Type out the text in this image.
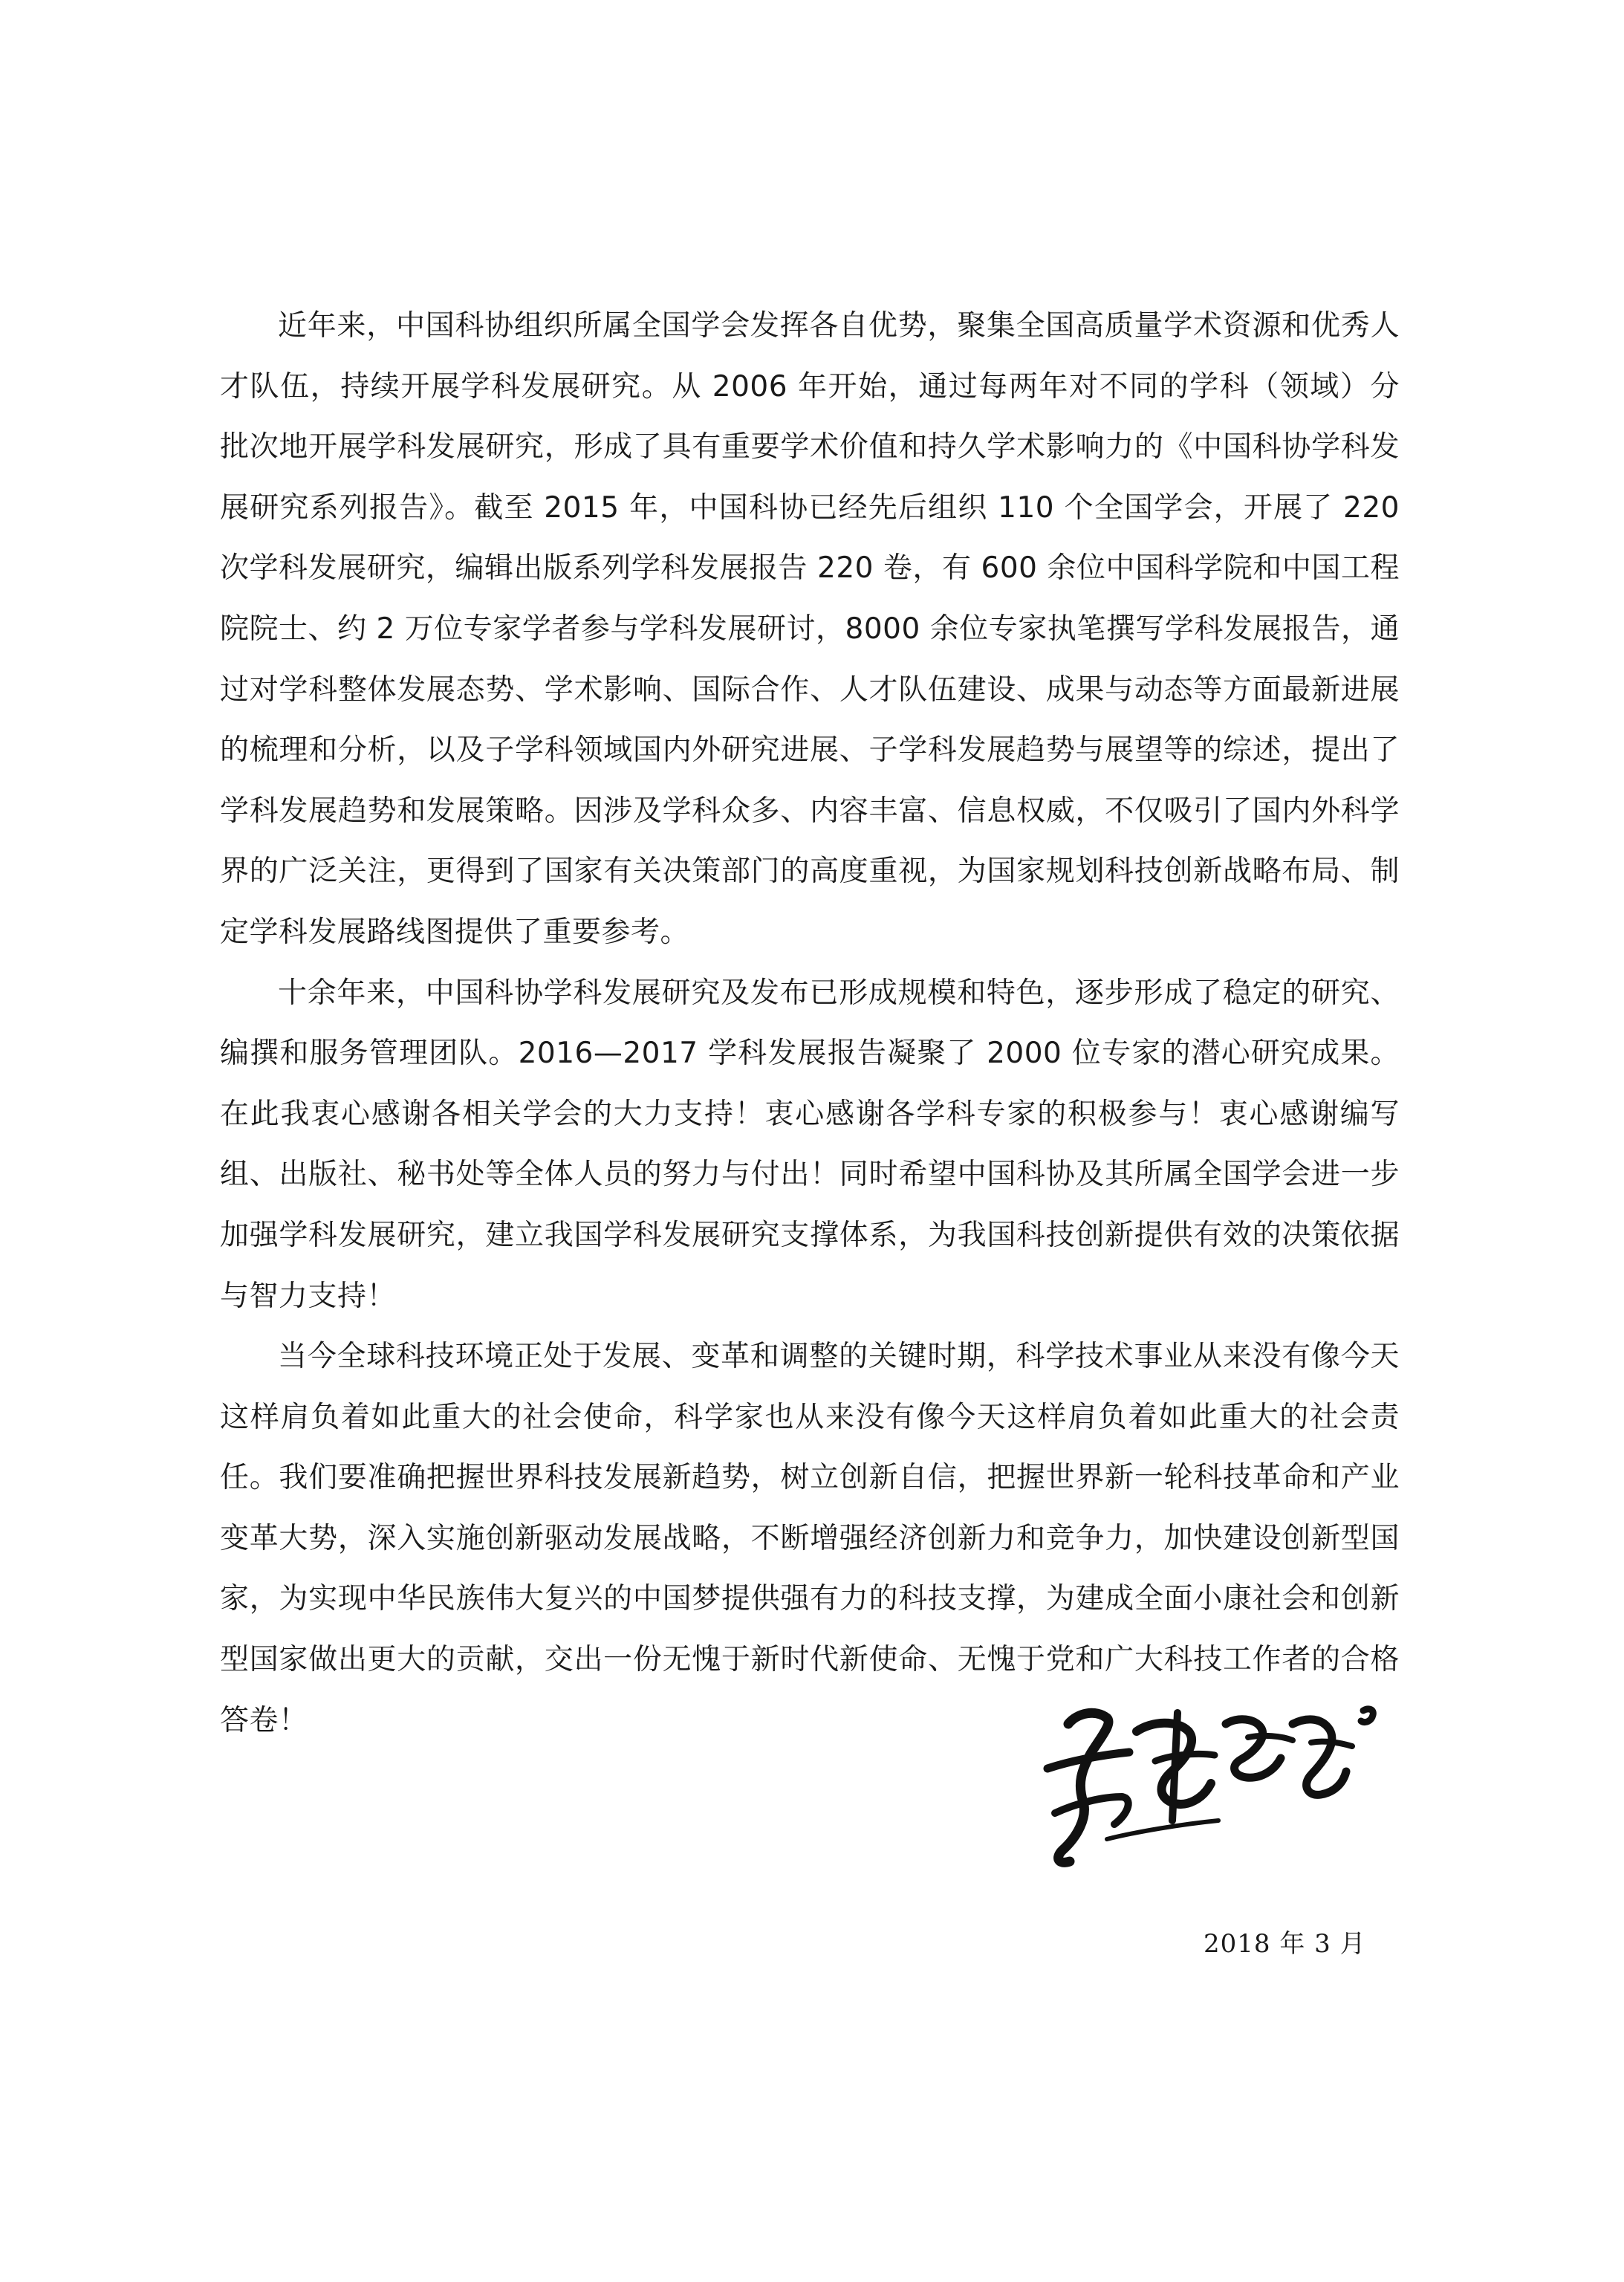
近年来，中国科协组织所属全国学会发挥各自优势，聚集全国高质量学术资源和优秀人才队伍，持续开展学科发展研究。从 2006 年开始，通过每两年对不同的学科（领域）分批次地开展学科发展研究，形成了具有重要学术价值和持久学术影响力的《中国科协学科发展研究系列报告》。截至 2015 年，中国科协已经先后组织 110 个全国学会，开展了 220 次学科发展研究，编辑出版系列学科发展报告 220 卷，有 600 余位中国科学院和中国工程院院士、约 2 万位专家学者参与学科发展研讨，8000 余位专家执笔撰写学科发展报告，通过对学科整体发展态势、学术影响、国际合作、人才队伍建设、成果与动态等方面最新进展的梳理和分析，以及子学科领域国内外研究进展、子学科发展趋势与展望等的综述，提出了学科发展趋势和发展策略。因涉及学科众多、内容丰富、信息权威，不仅吸引了国内外科学界的广泛关注，更得到了国家有关决策部门的高度重视，为国家规划科技创新战略布局、制定学科发展路线图提供了重要参考。

十余年来，中国科协学科发展研究及发布已形成规模和特色，逐步形成了稳定的研究、编撰和服务管理团队。2016—2017 学科发展报告凝聚了 2000 位专家的潜心研究成果。在此我衷心感谢各相关学会的大力支持！衷心感谢各学科专家的积极参与！衷心感谢编写组、出版社、秘书处等全体人员的努力与付出！同时希望中国科协及其所属全国学会进一步加强学科发展研究，建立我国学科发展研究支撑体系，为我国科技创新提供有效的决策依据与智力支持！

当今全球科技环境正处于发展、变革和调整的关键时期，科学技术事业从来没有像今天这样肩负着如此重大的社会使命，科学家也从来没有像今天这样肩负着如此重大的社会责任。我们要准确把握世界科技发展新趋势，树立创新自信，把握世界新一轮科技革命和产业变革大势，深入实施创新驱动发展战略，不断增强经济创新力和竞争力，加快建设创新型国家，为实现中华民族伟大复兴的中国梦提供强有力的科技支撑，为建成全面小康社会和创新型国家做出更大的贡献，交出一份无愧于新时代新使命、无愧于党和广大科技工作者的合格答卷！

2018 年 3 月
